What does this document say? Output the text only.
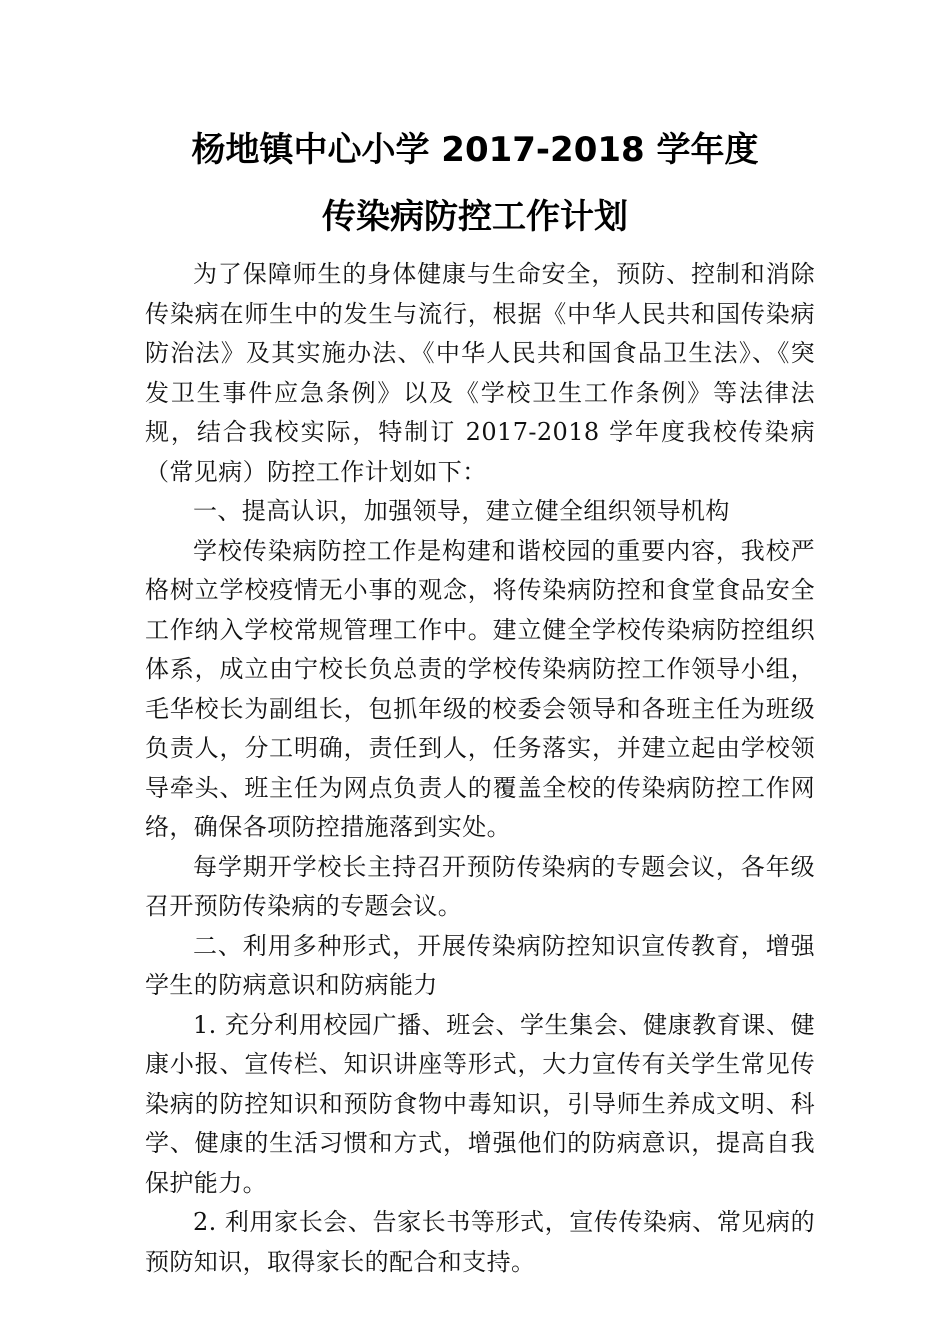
杨地镇中心小学 2017-2018 学年度
传染病防控工作计划

为了保障师生的身体健康与生命安全，预防、控制和消除传染病在师生中的发生与流行，根据《中华人民共和国传染病防治法》及其实施办法、《中华人民共和国食品卫生法》、《突发卫生事件应急条例》以及《学校卫生工作条例》等法律法规，结合我校实际，特制订 2017-2018 学年度我校传染病（常见病）防控工作计划如下：

一、提高认识，加强领导，建立健全组织领导机构

学校传染病防控工作是构建和谐校园的重要内容，我校严格树立学校疫情无小事的观念，将传染病防控和食堂食品安全工作纳入学校常规管理工作中。建立健全学校传染病防控组织体系，成立由宁校长负总责的学校传染病防控工作领导小组，毛华校长为副组长，包抓年级的校委会领导和各班主任为班级负责人，分工明确，责任到人，任务落实，并建立起由学校领导牵头、班主任为网点负责人的覆盖全校的传染病防控工作网络，确保各项防控措施落到实处。

每学期开学校长主持召开预防传染病的专题会议，各年级召开预防传染病的专题会议。

二、利用多种形式，开展传染病防控知识宣传教育，增强学生的防病意识和防病能力

1. 充分利用校园广播、班会、学生集会、健康教育课、健康小报、宣传栏、知识讲座等形式，大力宣传有关学生常见传染病的防控知识和预防食物中毒知识，引导师生养成文明、科学、健康的生活习惯和方式，增强他们的防病意识，提高自我保护能力。

2. 利用家长会、告家长书等形式，宣传传染病、常见病的预防知识，取得家长的配合和支持。
